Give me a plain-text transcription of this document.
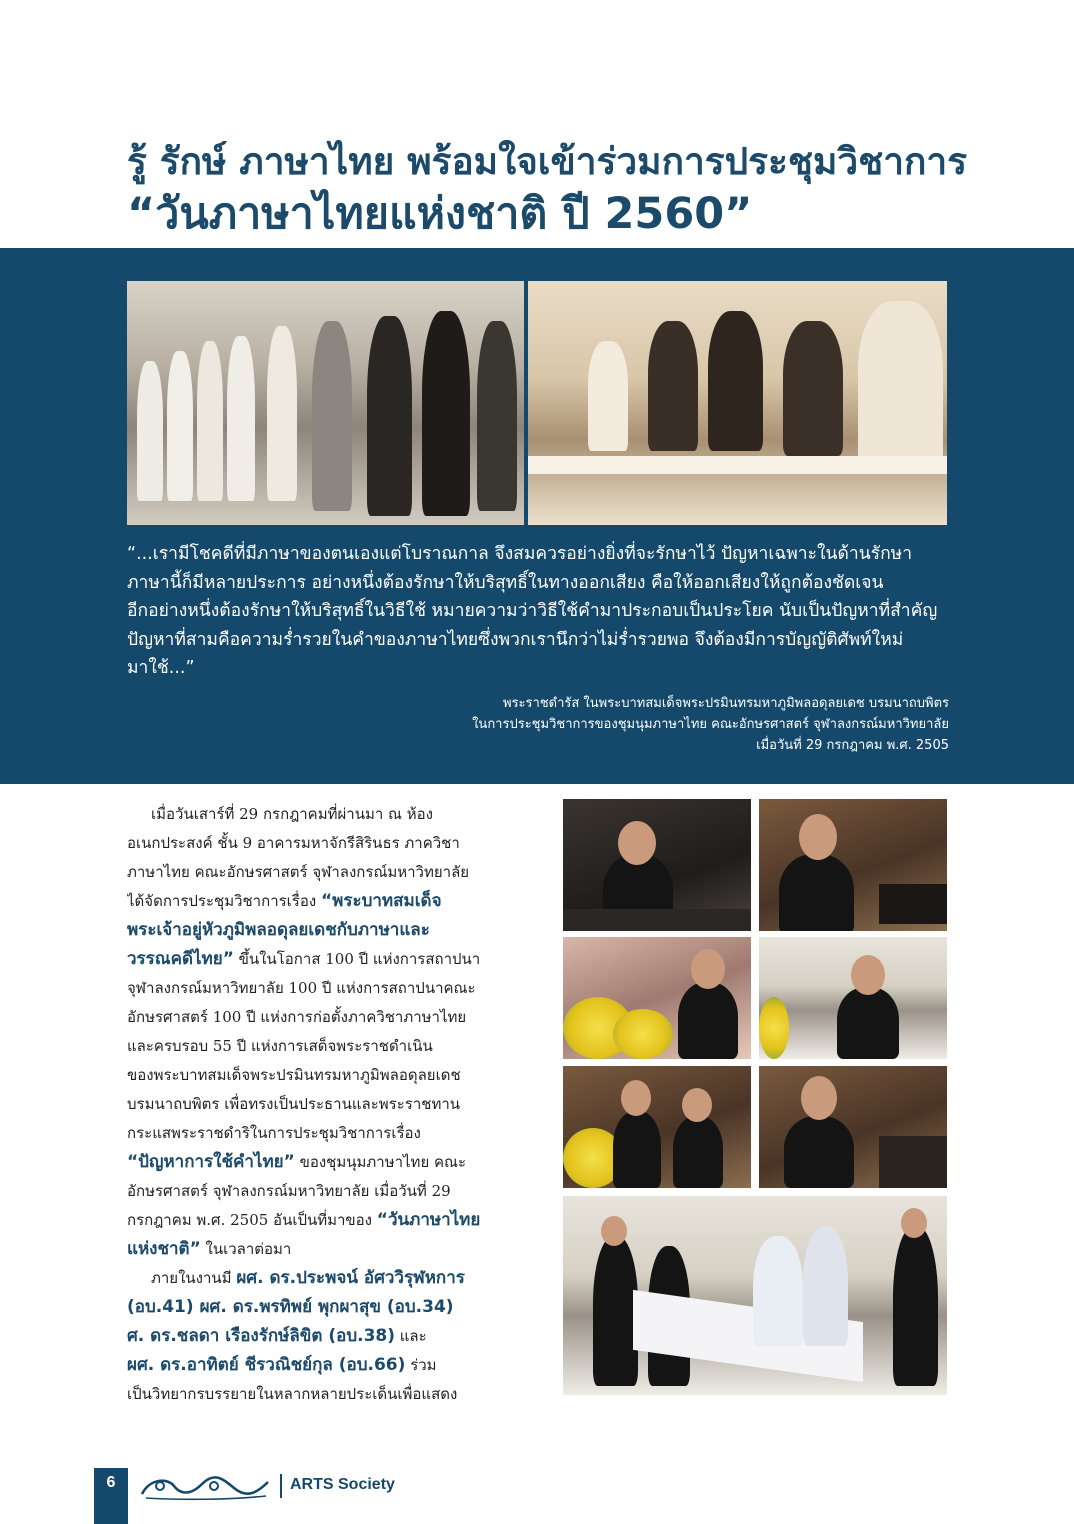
รู้ รักษ์ ภาษาไทย พร้อมใจเข้าร่วมการประชุมวิชาการ
“วันภาษาไทยแห่งชาติ ปี 2560”

“...เรามีโชคดีที่มีภาษาของตนเองแต่โบราณกาล จึงสมควรอย่างยิ่งที่จะรักษาไว้ ปัญหาเฉพาะในด้านรักษา
ภาษานี้ก็มีหลายประการ อย่างหนึ่งต้องรักษาให้บริสุทธิ์ในทางออกเสียง คือให้ออกเสียงให้ถูกต้องชัดเจน
อีกอย่างหนึ่งต้องรักษาให้บริสุทธิ์ในวิธีใช้ หมายความว่าวิธีใช้คำมาประกอบเป็นประโยค นับเป็นปัญหาที่สำคัญ
ปัญหาที่สามคือความร่ำรวยในคำของภาษาไทยซึ่งพวกเรานึกว่าไม่ร่ำรวยพอ จึงต้องมีการบัญญัติศัพท์ใหม่
มาใช้...”

พระราชดำรัส ในพระบาทสมเด็จพระปรมินทรมหาภูมิพลอดุลยเดช บรมนาถบพิตร
ในการประชุมวิชาการของชุมนุมภาษาไทย คณะอักษรศาสตร์ จุฬาลงกรณ์มหาวิทยาลัย
เมื่อวันที่ 29 กรกฎาคม พ.ศ. 2505
เมื่อวันเสาร์ที่ 29 กรกฎาคมที่ผ่านมา ณ ห้อง
อเนกประสงค์ ชั้น 9 อาคารมหาจักรีสิรินธร ภาควิชา
ภาษาไทย คณะอักษรศาสตร์ จุฬาลงกรณ์มหาวิทยาลัย
ได้จัดการประชุมวิชาการเรื่อง “พระบาทสมเด็จ
พระเจ้าอยู่หัวภูมิพลอดุลยเดชกับภาษาและ
วรรณคดีไทย” ขึ้นในโอกาส 100 ปี แห่งการสถาปนา
จุฬาลงกรณ์มหาวิทยาลัย 100 ปี แห่งการสถาปนาคณะ
อักษรศาสตร์ 100 ปี แห่งการก่อตั้งภาควิชาภาษาไทย
และครบรอบ 55 ปี แห่งการเสด็จพระราชดำเนิน
ของพระบาทสมเด็จพระปรมินทรมหาภูมิพลอดุลยเดช
บรมนาถบพิตร เพื่อทรงเป็นประธานและพระราชทาน
กระแสพระราชดำริในการประชุมวิชาการเรื่อง
“ปัญหาการใช้คำไทย” ของชุมนุมภาษาไทย คณะ
อักษรศาสตร์ จุฬาลงกรณ์มหาวิทยาลัย เมื่อวันที่ 29
กรกฎาคม พ.ศ. 2505 อันเป็นที่มาของ “วันภาษาไทย
แห่งชาติ” ในเวลาต่อมา
ภายในงานมี ผศ. ดร.ประพจน์ อัศววิรุฬหการ
(อบ.41) ผศ. ดร.พรทิพย์ พุกผาสุข (อบ.34)
ศ. ดร.ชลดา เรืองรักษ์ลิขิต (อบ.38) และ
ผศ. ดร.อาทิตย์ ชีรวณิชย์กุล (อบ.66) ร่วม
เป็นวิทยากรบรรยายในหลากหลายประเด็นเพื่อแสดง
6	ARTS Society
